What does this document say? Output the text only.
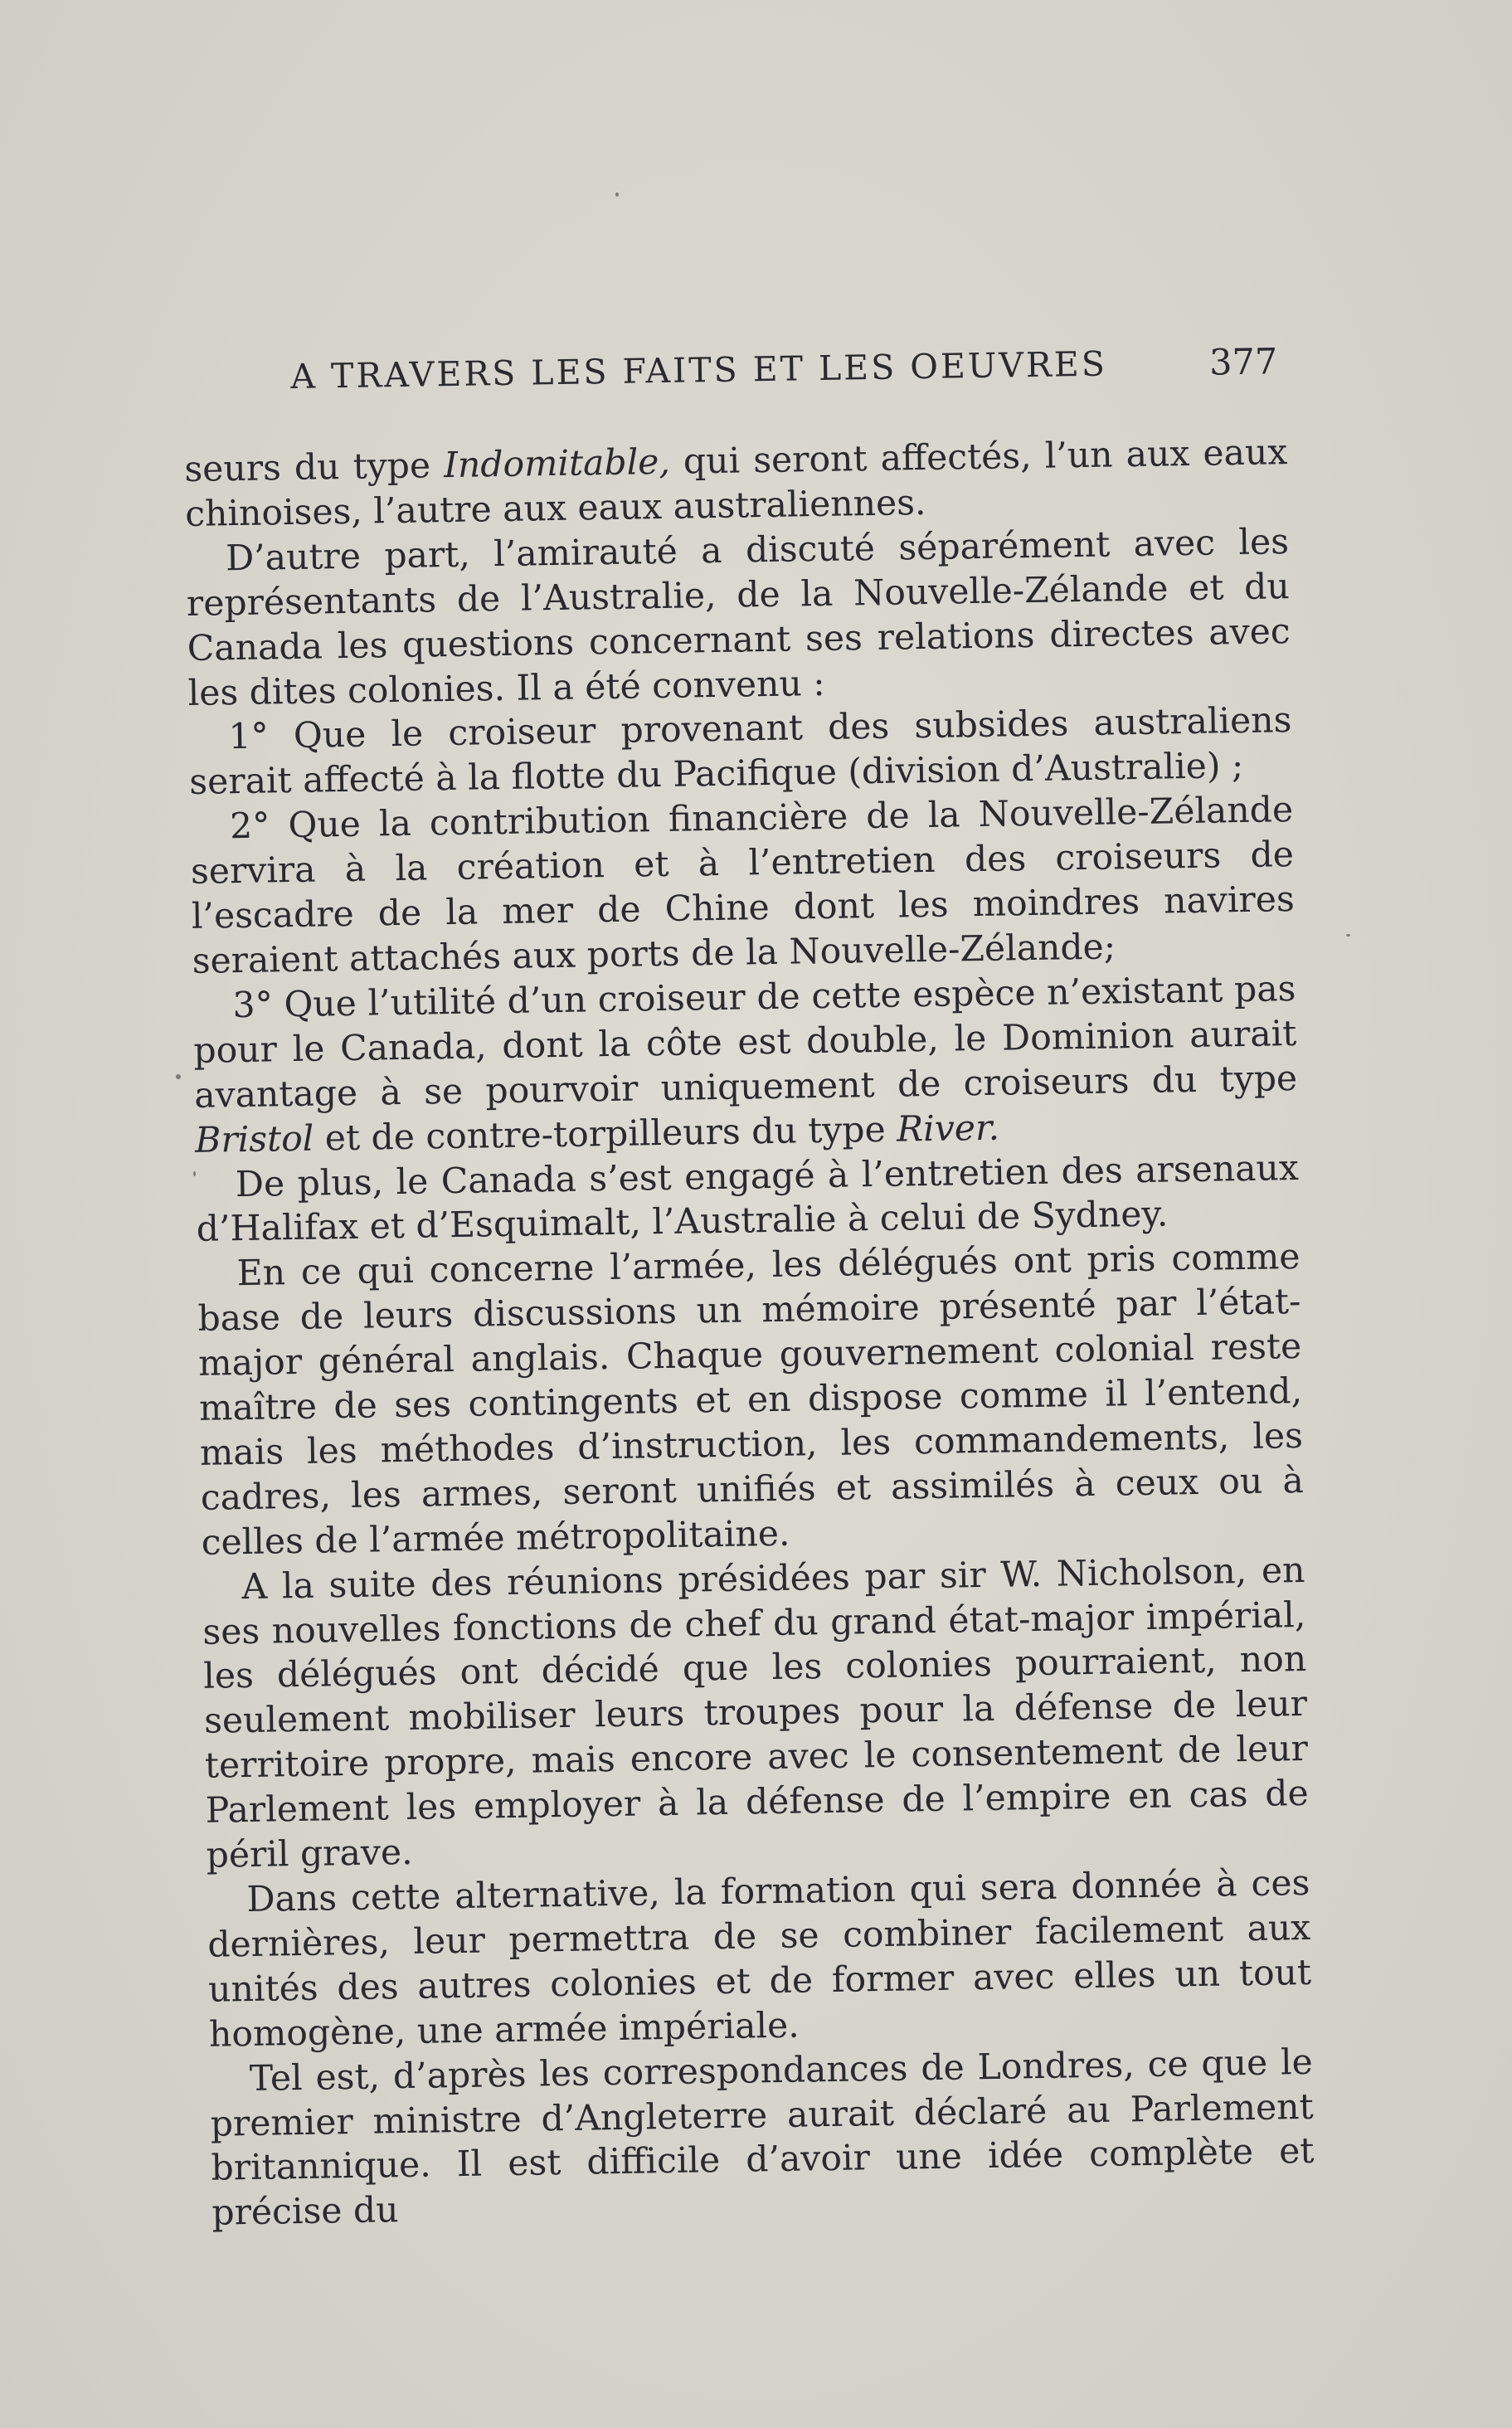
A TRAVERS LES FAITS ET LES OEUVRES	377

seurs du type Indomitable, qui seront affectés, l’un aux eaux chinoises, l’autre aux eaux australiennes.

D’autre part, l’amirauté a discuté séparément avec les représentants de l’Australie, de la Nouvelle-Zélande et du Canada les questions concernant ses relations directes avec les dites colonies. Il a été convenu :

1° Que le croiseur provenant des subsides australiens serait affecté à la flotte du Pacifique (division d’Australie) ;

2° Que la contribution financière de la Nouvelle-Zélande servira à la création et à l’entretien des croiseurs de l’escadre de la mer de Chine dont les moindres navires seraient attachés aux ports de la Nouvelle-Zélande;

3° Que l’utilité d’un croiseur de cette espèce n’existant pas pour le Canada, dont la côte est double, le Dominion aurait avantage à se pourvoir uniquement de croiseurs du type Bristol et de contre-torpilleurs du type River.

De plus, le Canada s’est engagé à l’entretien des arsenaux d’Halifax et d’Esquimalt, l’Australie à celui de Sydney.

En ce qui concerne l’armée, les délégués ont pris comme base de leurs discussions un mémoire présenté par l’état-major général anglais. Chaque gouvernement colonial reste maître de ses contingents et en dispose comme il l’entend, mais les méthodes d’instruction, les commandements, les cadres, les armes, seront unifiés et assimilés à ceux ou à celles de l’armée métropolitaine.

A la suite des réunions présidées par sir W. Nicholson, en ses nouvelles fonctions de chef du grand état-major impérial, les délégués ont décidé que les colonies pourraient, non seulement mobiliser leurs troupes pour la défense de leur territoire propre, mais encore avec le consentement de leur Parlement les employer à la défense de l’empire en cas de péril grave.

Dans cette alternative, la formation qui sera donnée à ces dernières, leur permettra de se combiner facilement aux unités des autres colonies et de former avec elles un tout homogène, une armée impériale.

Tel est, d’après les correspondances de Londres, ce que le premier ministre d’Angleterre aurait déclaré au Parlement britannique. Il est difficile d’avoir une idée complète et précise du
